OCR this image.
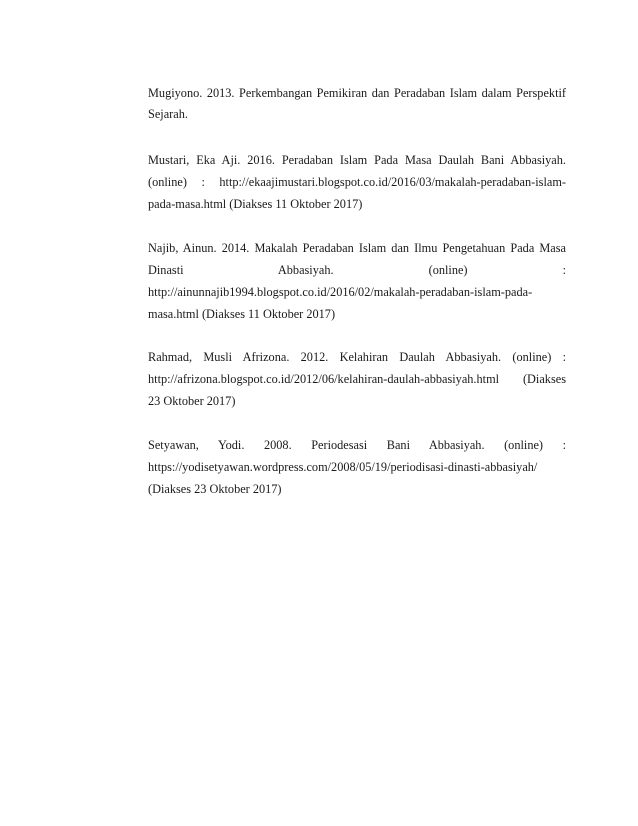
Mugiyono. 2013. Perkembangan Pemikiran dan Peradaban Islam dalam Perspektif
Sejarah.
Mustari, Eka Aji. 2016. Peradaban Islam Pada Masa Daulah Bani Abbasiyah.
(online) : http://ekaajimustari.blogspot.co.id/2016/03/makalah-peradaban-islam-
pada-masa.html (Diakses 11 Oktober 2017)
Najib, Ainun. 2014. Makalah Peradaban Islam dan Ilmu Pengetahuan Pada Masa
Dinasti Abbasiyah. (online) :
http://ainunnajib1994.blogspot.co.id/2016/02/makalah-peradaban-islam-pada-
masa.html (Diakses 11 Oktober 2017)
Rahmad, Musli Afrizona. 2012. Kelahiran Daulah Abbasiyah. (online) :
http://afrizona.blogspot.co.id/2012/06/kelahiran-daulah-abbasiyah.html (Diakses
23 Oktober 2017)
Setyawan, Yodi. 2008. Periodesasi Bani Abbasiyah. (online) :
https://yodisetyawan.wordpress.com/2008/05/19/periodisasi-dinasti-abbasiyah/
(Diakses 23 Oktober 2017)
